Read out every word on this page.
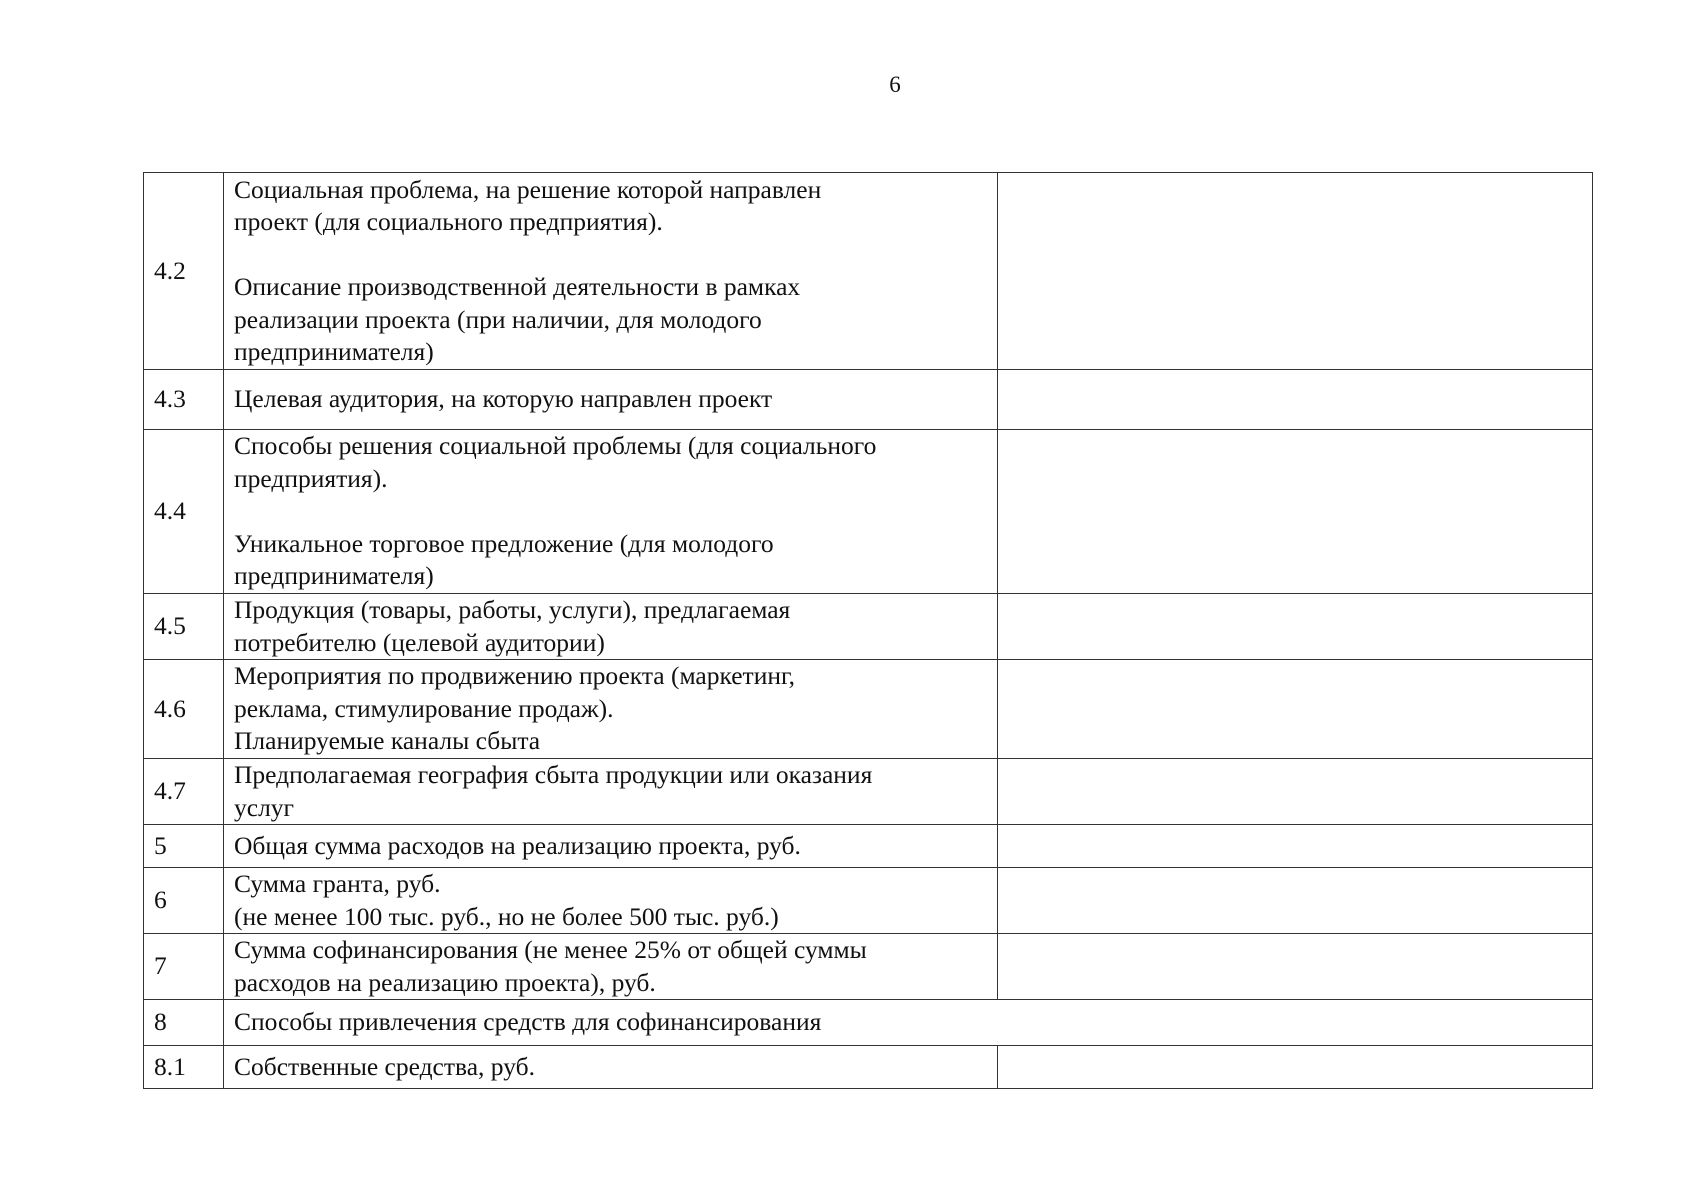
6
4.2	Социальная проблема, на решение которой направлен
проект (для социального предприятия).
Описание производственной деятельности в рамках
реализации проекта (при наличии, для молодого
предпринимателя)	

4.3	Целевая аудитория, на которую направлен проект	

4.4	Способы решения социальной проблемы (для социального
предприятия).
Уникальное торговое предложение (для молодого
предпринимателя)	

4.5	Продукция (товары, работы, услуги), предлагаемая
потребителю (целевой аудитории)	

4.6	Мероприятия по продвижению проекта (маркетинг,
реклама, стимулирование продаж).
Планируемые каналы сбыта	

4.7	Предполагаемая география сбыта продукции или оказания
услуг	

5	Общая сумма расходов на реализацию проекта, руб.	

6	Сумма гранта, руб.
(не менее 100 тыс. руб., но не более 500 тыс. руб.)	

7	Сумма софинансирования (не менее 25% от общей суммы
расходов на реализацию проекта), руб.	

8	Способы привлечения средств для софинансирования	

8.1	Собственные средства, руб.	
